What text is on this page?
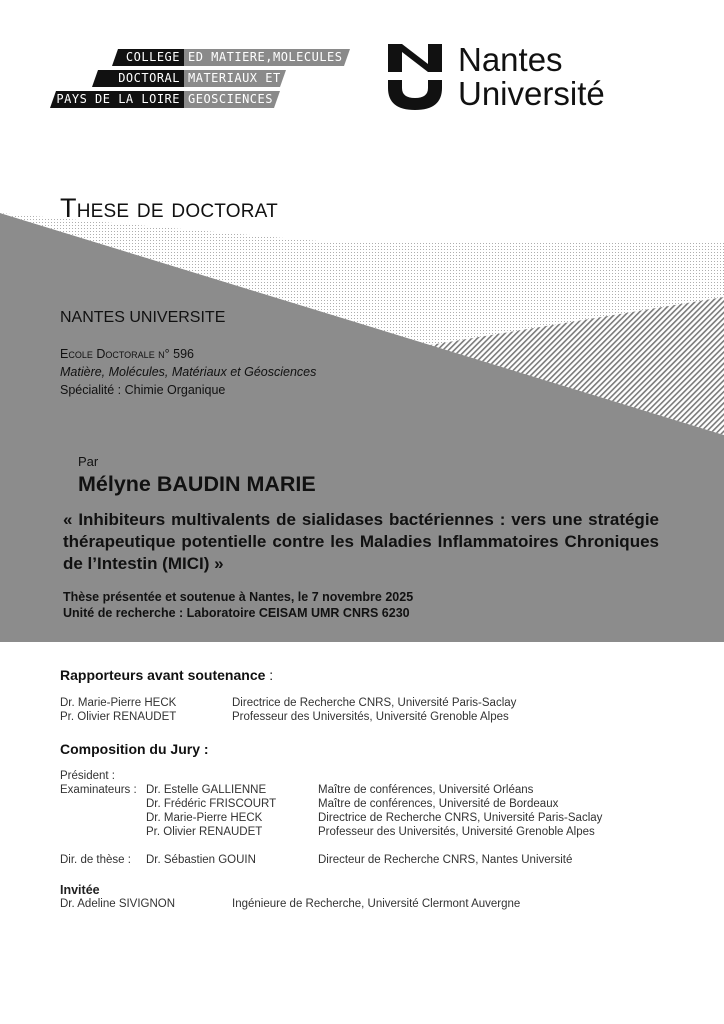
COLLEGE ED MATIERE,MOLECULES
DOCTORAL MATERIAUX ET
PAYS DE LA LOIRE GEOSCIENCES
Nantes
Université
These de doctorat
NANTES UNIVERSITE
Ecole Doctorale n° 596
Matière, Molécules, Matériaux et Géosciences
Spécialité : Chimie Organique
Par
Mélyne BAUDIN MARIE
« Inhibiteurs multivalents de sialidases bactériennes : vers une stratégie thérapeutique potentielle contre les Maladies Inflammatoires Chroniques de l’Intestin (MICI) »
Thèse présentée et soutenue à Nantes, le 7 novembre 2025
Unité de recherche : Laboratoire CEISAM UMR CNRS 6230
Rapporteurs avant soutenance :
Dr. Marie-Pierre HECK	Directrice de Recherche CNRS, Université Paris-Saclay
Pr. Olivier RENAUDET	Professeur des Universités, Université Grenoble Alpes
Composition du Jury :
Président :
Examinateurs : Dr. Estelle GALLIENNE	Maître de conférences, Université Orléans
Dr. Frédéric FRISCOURT	Maître de conférences, Université de Bordeaux
Dr. Marie-Pierre HECK	Directrice de Recherche CNRS, Université Paris-Saclay
Pr. Olivier RENAUDET	Professeur des Universités, Université Grenoble Alpes
Dir. de thèse : Dr. Sébastien GOUIN	Directeur de Recherche CNRS, Nantes Université
Invitée
Dr. Adeline SIVIGNON	Ingénieure de Recherche, Université Clermont Auvergne
